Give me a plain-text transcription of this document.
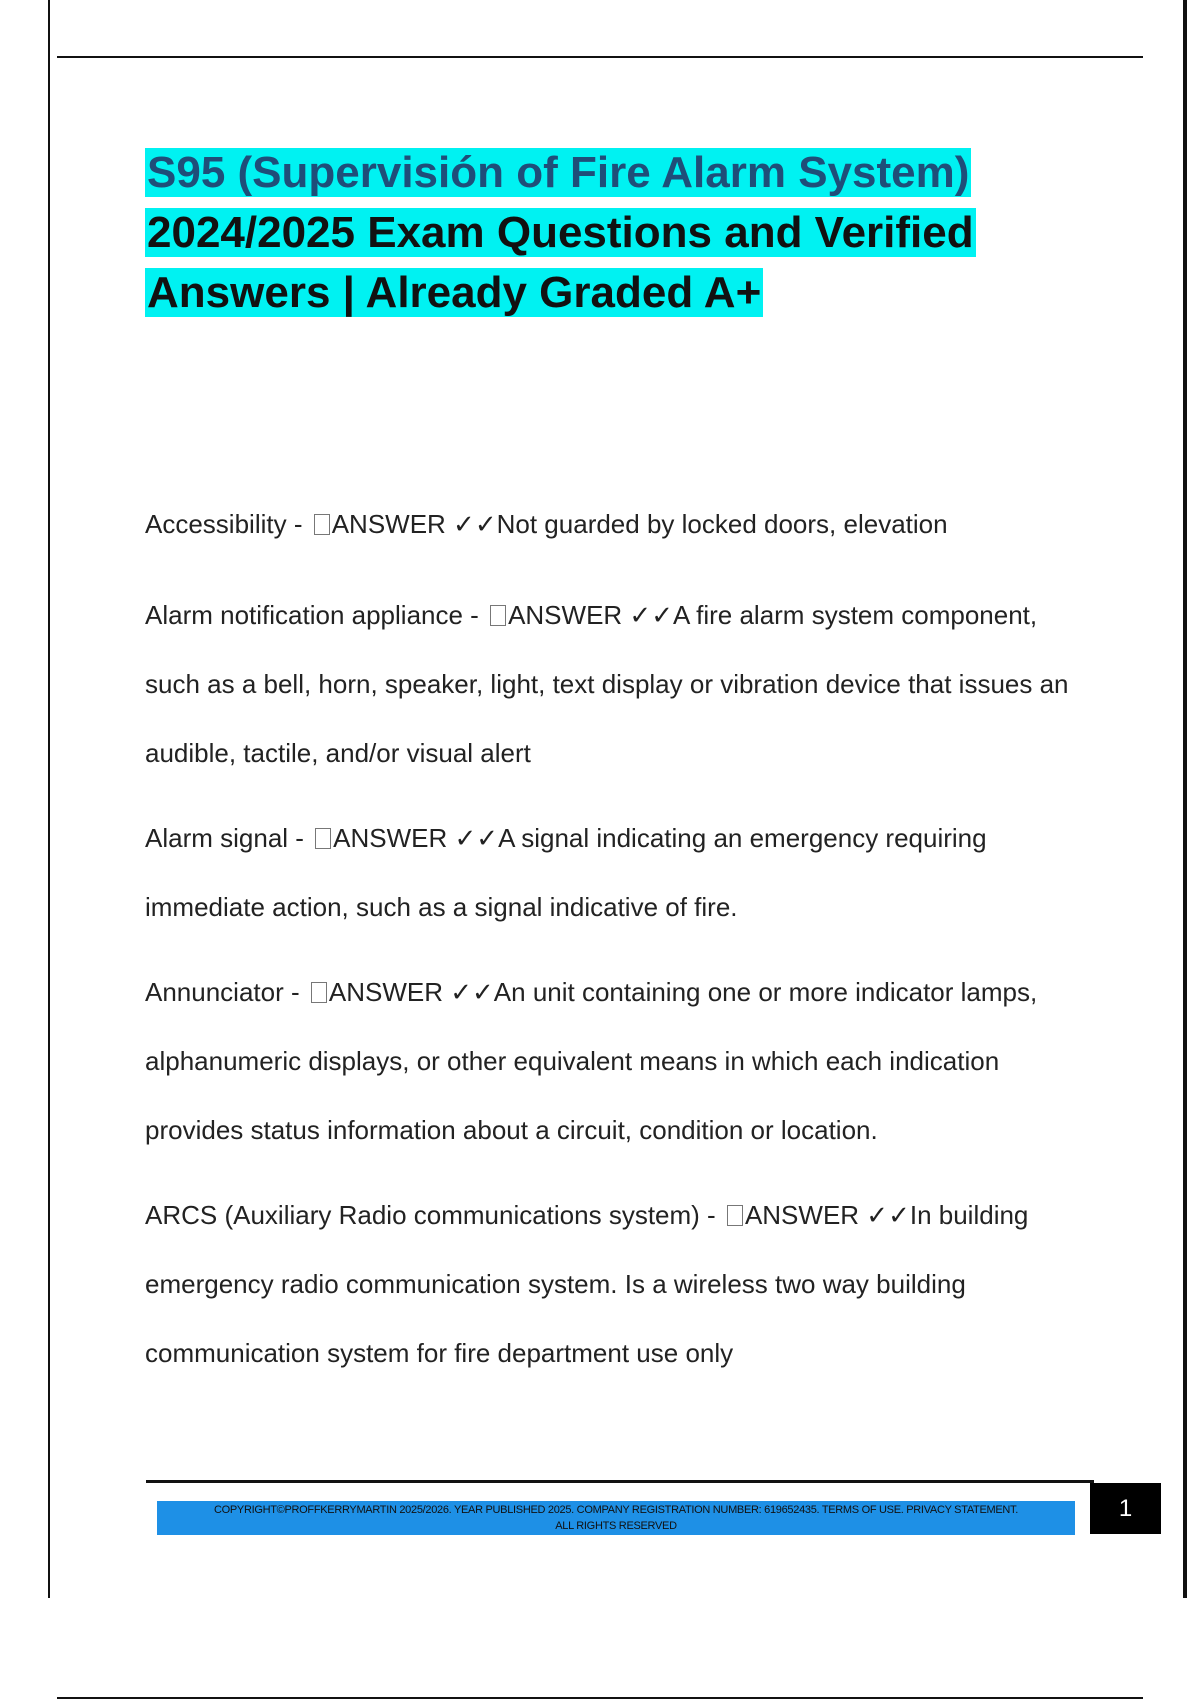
S95 (Supervisión of Fire Alarm System)
2024/2025 Exam Questions and Verified
Answers | Already Graded A+

Accessibility - ANSWER ✓✓Not guarded by locked doors, elevation

Alarm notification appliance - ANSWER ✓✓A fire alarm system component, such as a bell, horn, speaker, light, text display or vibration device that issues an audible, tactile, and/or visual alert

Alarm signal - ANSWER ✓✓A signal indicating an emergency requiring immediate action, such as a signal indicative of fire.

Annunciator - ANSWER ✓✓An unit containing one or more indicator lamps, alphanumeric displays, or other equivalent means in which each indication provides status information about a circuit, condition or location.

ARCS (Auxiliary Radio communications system) - ANSWER ✓✓In building emergency radio communication system. Is a wireless two way building communication system for fire department use only

COPYRIGHT©PROFFKERRYMARTIN 2025/2026. YEAR PUBLISHED 2025. COMPANY REGISTRATION NUMBER: 619652435. TERMS OF USE. PRIVACY STATEMENT.
ALL RIGHTS RESERVED
1
